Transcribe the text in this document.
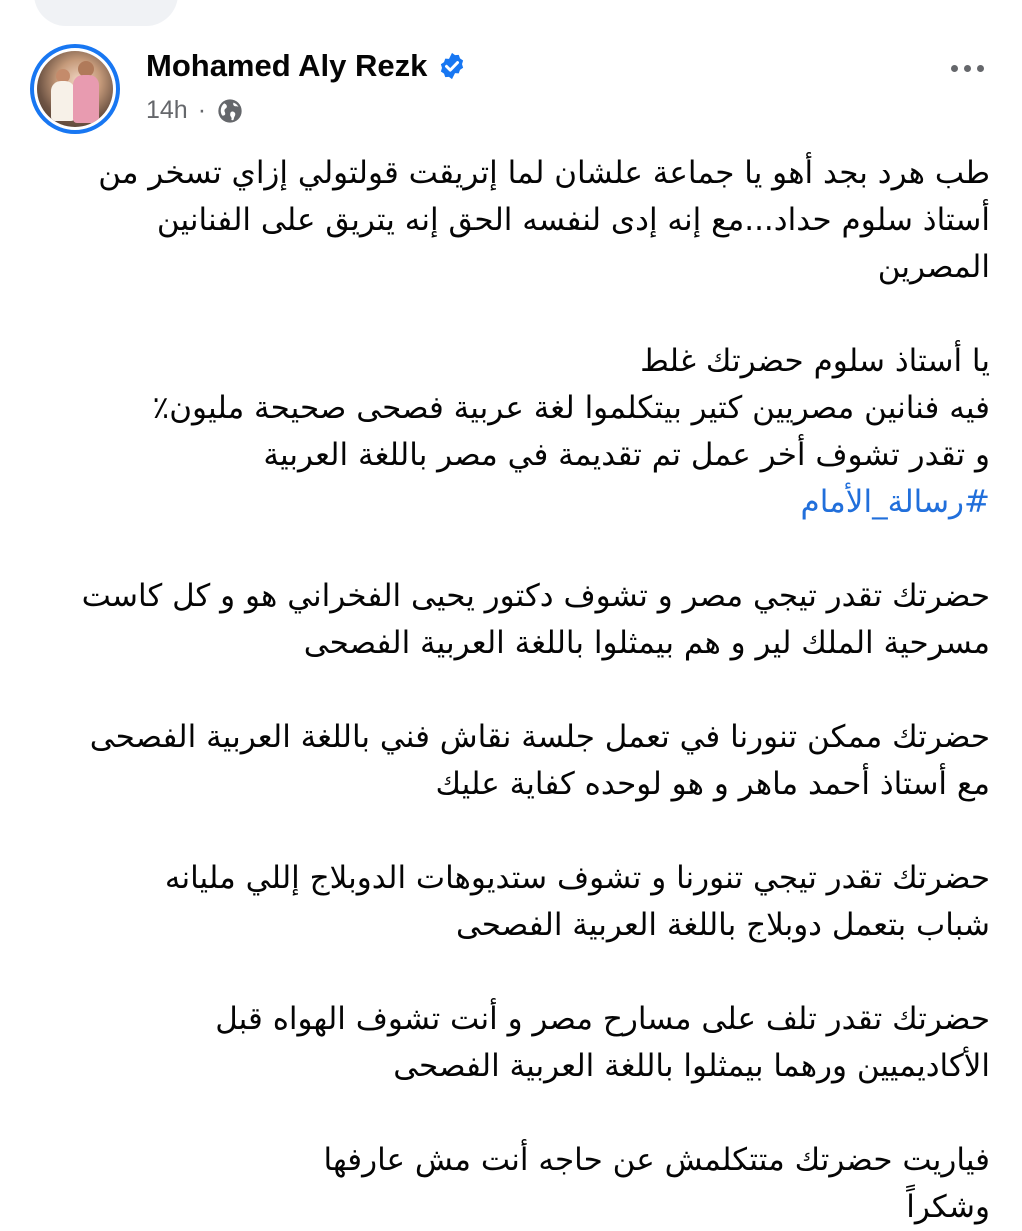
Mohamed Aly Rezk
14h ·

طب هرد بجد أهو يا جماعة علشان لما إتريقت قولتولي إزاي تسخر من

أستاذ سلوم حداد...مع إنه إدى لنفسه الحق إنه يتريق على الفنانين

المصرين

يا أستاذ سلوم حضرتك غلط

فيه فنانين مصريين كتير بيتكلموا لغة عربية فصحى صحيحة مليون٪

و تقدر تشوف أخر عمل تم تقديمة في مصر باللغة العربية

#رسالة_الأمام

حضرتك تقدر تيجي مصر و تشوف دكتور يحيى الفخراني هو و كل كاست

مسرحية الملك لير و هم بيمثلوا باللغة العربية الفصحى

حضرتك ممكن تنورنا في تعمل جلسة نقاش فني باللغة العربية الفصحى

مع أستاذ أحمد ماهر و هو لوحده كفاية عليك

حضرتك تقدر تيجي تنورنا و تشوف ستديوهات الدوبلاج إللي مليانه

شباب بتعمل دوبلاج باللغة العربية الفصحى

حضرتك تقدر تلف على مسارح مصر و أنت تشوف الهواه قبل

الأكاديميين ورهما بيمثلوا باللغة العربية الفصحى

فياريت حضرتك متتكلمش عن حاجه أنت مش عارفها

وشكراً
